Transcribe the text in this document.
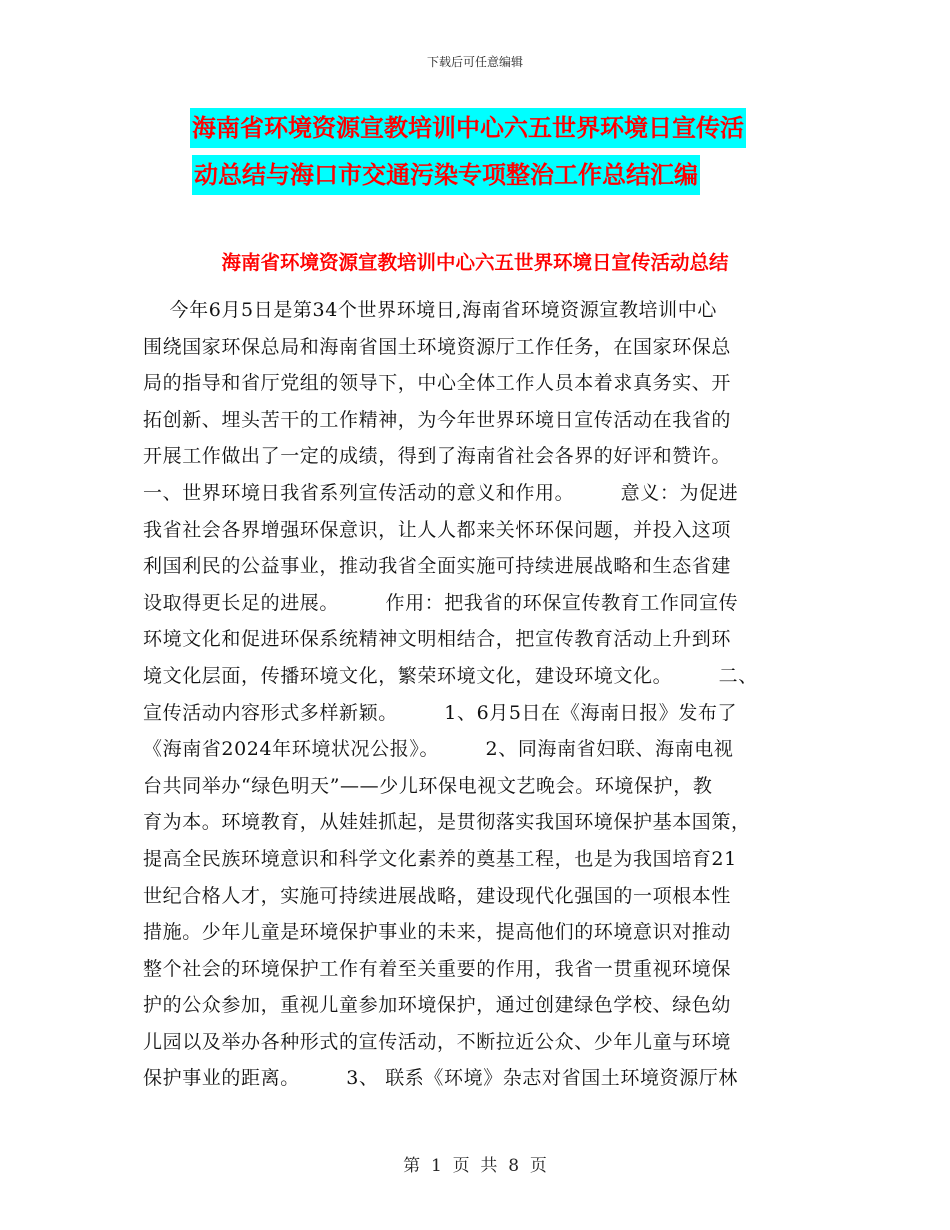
下载后可任意编辑
海南省环境资源宣教培训中心六五世界环境日宣传活
动总结与海口市交通污染专项整治工作总结汇编
海南省环境资源宣教培训中心六五世界环境日宣传活动总结
今年6月5日是第34个世界环境日,海南省环境资源宣教培训中心
围绕国家环保总局和海南省国土环境资源厅工作任务，在国家环保总
局的指导和省厅党组的领导下，中心全体工作人员本着求真务实、开
拓创新、埋头苦干的工作精神，为今年世界环境日宣传活动在我省的
开展工作做出了一定的成绩，得到了海南省社会各界的好评和赞许。
一、世界环境日我省系列宣传活动的意义和作用。       意义：为促进
我省社会各界增强环保意识，让人人都来关怀环保问题，并投入这项
利国利民的公益事业，推动我省全面实施可持续进展战略和生态省建
设取得更长足的进展。       作用：把我省的环保宣传教育工作同宣传
环境文化和促进环保系统精神文明相结合，把宣传教育活动上升到环
境文化层面，传播环境文化，繁荣环境文化，建设环境文化。       二、
宣传活动内容形式多样新颖。       1、6月5日在《海南日报》发布了
《海南省2024年环境状况公报》。       2、同海南省妇联、海南电视
台共同举办“绿色明天”——少儿环保电视文艺晚会。环境保护，教
育为本。环境教育，从娃娃抓起，是贯彻落实我国环境保护基本国策，
提高全民族环境意识和科学文化素养的奠基工程，也是为我国培育21
世纪合格人才，实施可持续进展战略，建设现代化强国的一项根本性
措施。少年儿童是环境保护事业的未来，提高他们的环境意识对推动
整个社会的环境保护工作有着至关重要的作用，我省一贯重视环境保
护的公众参加，重视儿童参加环境保护，通过创建绿色学校、绿色幼
儿园以及举办各种形式的宣传活动，不断拉近公众、少年儿童与环境
保护事业的距离。       3、 联系《环境》杂志对省国土环境资源厅林
第  1  页  共  8  页
